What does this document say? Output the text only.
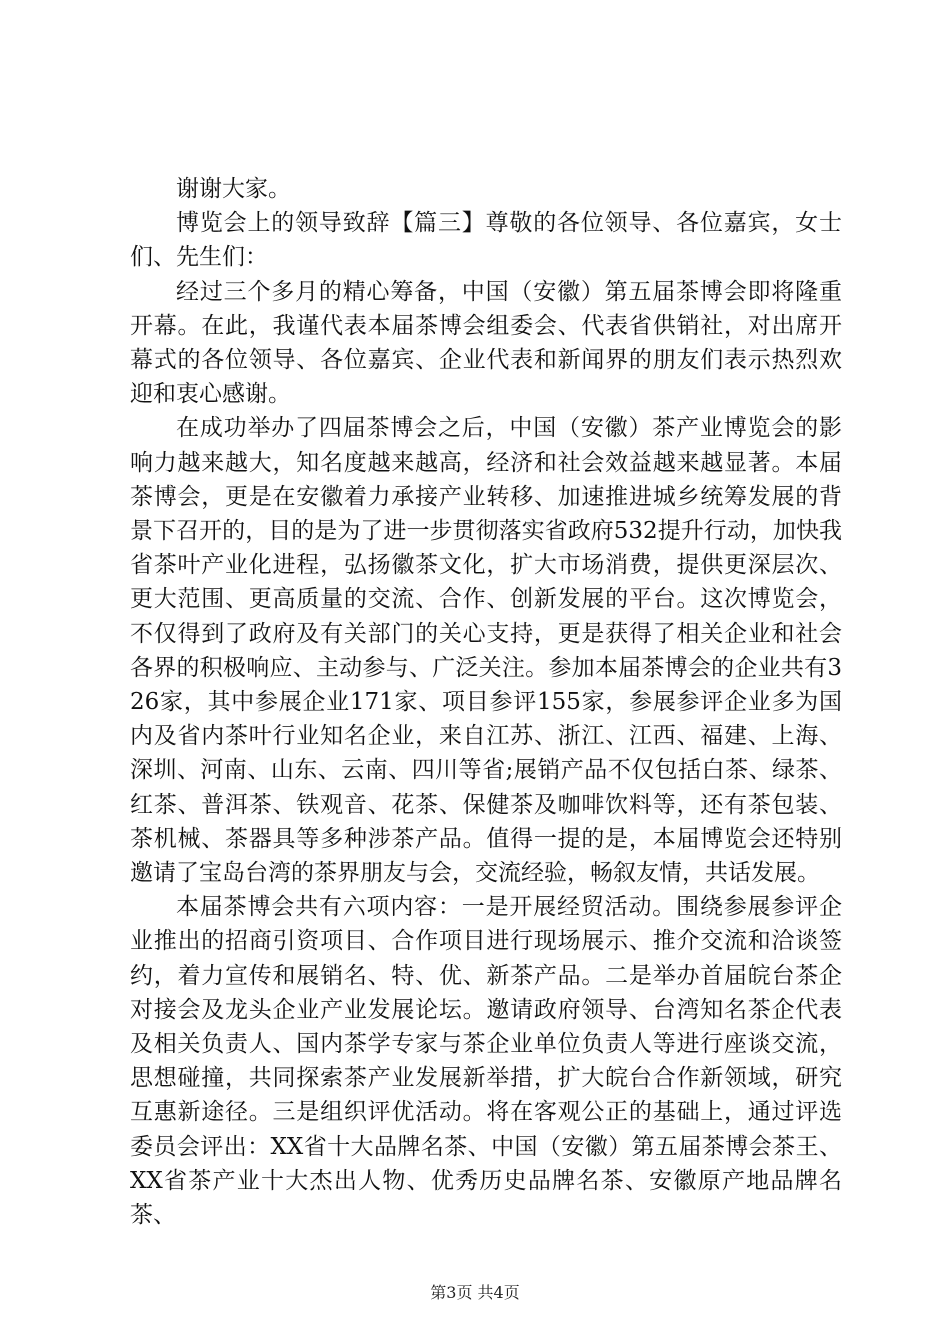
谢谢大家。

博览会上的领导致辞【篇三】尊敬的各位领导、各位嘉宾，女士们、先生们：

经过三个多月的精心筹备，中国（安徽）第五届茶博会即将隆重开幕。在此，我谨代表本届茶博会组委会、代表省供销社，对出席开幕式的各位领导、各位嘉宾、企业代表和新闻界的朋友们表示热烈欢迎和衷心感谢。

在成功举办了四届茶博会之后，中国（安徽）茶产业博览会的影响力越来越大，知名度越来越高，经济和社会效益越来越显著。本届茶博会，更是在安徽着力承接产业转移、加速推进城乡统筹发展的背景下召开的，目的是为了进一步贯彻落实省政府532提升行动，加快我省茶叶产业化进程，弘扬徽茶文化，扩大市场消费，提供更深层次、更大范围、更高质量的交流、合作、创新发展的平台。这次博览会，不仅得到了政府及有关部门的关心支持，更是获得了相关企业和社会各界的积极响应、主动参与、广泛关注。参加本届茶博会的企业共有326家，其中参展企业171家、项目参评155家，参展参评企业多为国内及省内茶叶行业知名企业，来自江苏、浙江、江西、福建、上海、深圳、河南、山东、云南、四川等省;展销产品不仅包括白茶、绿茶、红茶、普洱茶、铁观音、花茶、保健茶及咖啡饮料等，还有茶包装、茶机械、茶器具等多种涉茶产品。值得一提的是，本届博览会还特别邀请了宝岛台湾的茶界朋友与会，交流经验，畅叙友情，共话发展。

本届茶博会共有六项内容：一是开展经贸活动。围绕参展参评企业推出的招商引资项目、合作项目进行现场展示、推介交流和洽谈签约，着力宣传和展销名、特、优、新茶产品。二是举办首届皖台茶企对接会及龙头企业产业发展论坛。邀请政府领导、台湾知名茶企代表及相关负责人、国内茶学专家与茶企业单位负责人等进行座谈交流，思想碰撞，共同探索茶产业发展新举措，扩大皖台合作新领域，研究互惠新途径。三是组织评优活动。将在客观公正的基础上，通过评选委员会评出：XX省十大品牌名茶、中国（安徽）第五届茶博会茶王、XX省茶产业十大杰出人物、优秀历史品牌名茶、安徽原产地品牌名茶、

第3页 共4页
